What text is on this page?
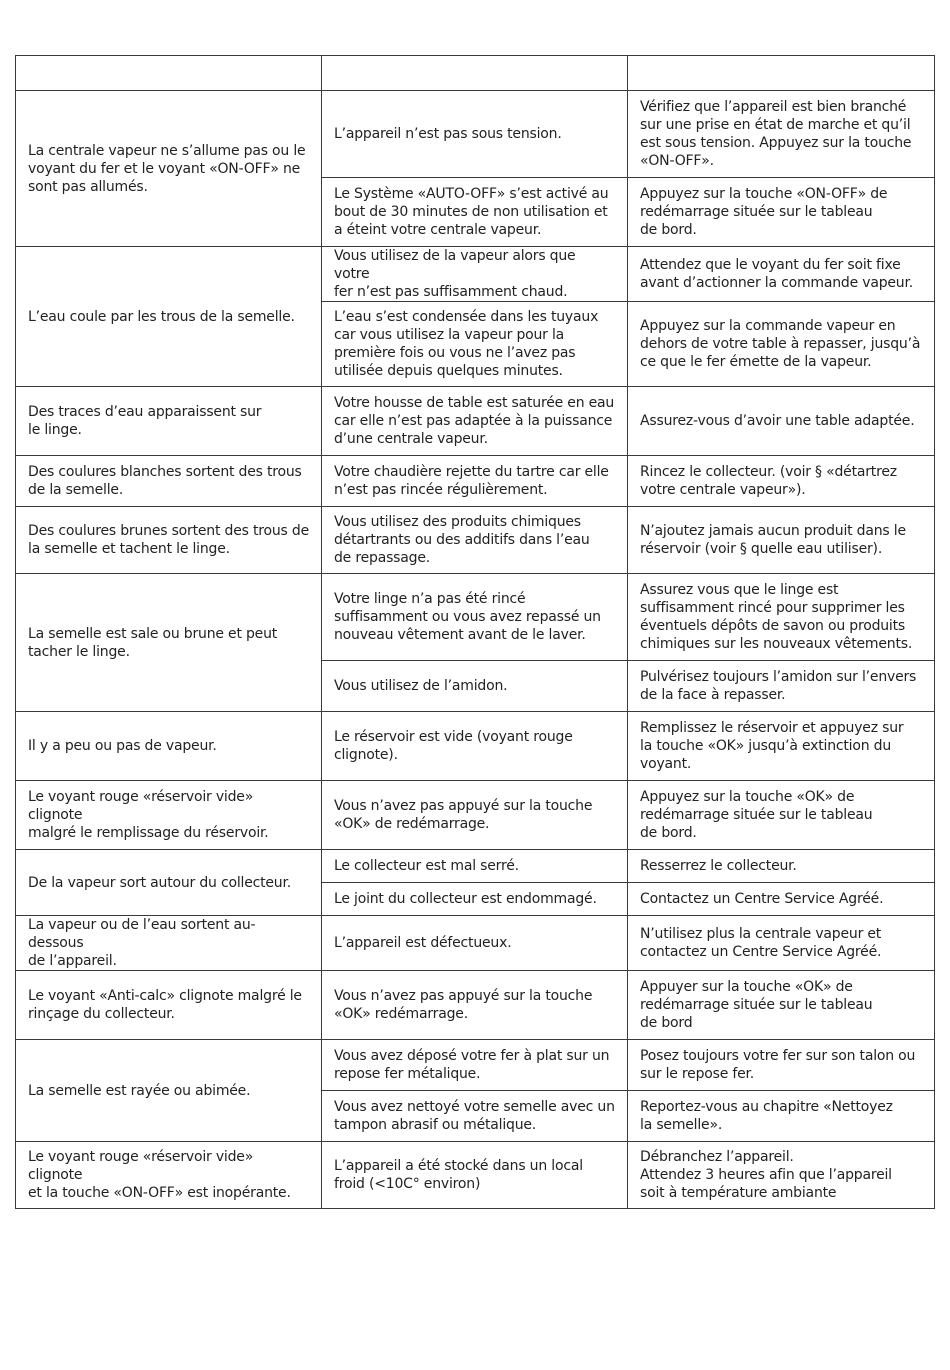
La centrale vapeur ne s’allume pas ou le
voyant du fer et le voyant «ON-OFF» ne
sont pas allumés.	L’appareil n’est pas sous tension.	Vérifiez que l’appareil est bien branché
sur une prise en état de marche et qu’il
est sous tension. Appuyez sur la touche
«ON-OFF».

	Le Système «AUTO-OFF» s’est activé au
bout de 30 minutes de non utilisation et
a éteint votre centrale vapeur.	Appuyez sur la touche «ON-OFF» de
redémarrage située sur le tableau
de bord.

L’eau coule par les trous de la semelle.	Vous utilisez de la vapeur alors que votre
fer n’est pas suffisamment chaud.	Attendez que le voyant du fer soit fixe
avant d’actionner la commande vapeur.

	L’eau s’est condensée dans les tuyaux
car vous utilisez la vapeur pour la
première fois ou vous ne l’avez pas
utilisée depuis quelques minutes.	Appuyez sur la commande vapeur en
dehors de votre table à repasser, jusqu’à
ce que le fer émette de la vapeur.

Des traces d’eau apparaissent sur
le linge.	Votre housse de table est saturée en eau
car elle n’est pas adaptée à la puissance
d’une centrale vapeur.	Assurez-vous d’avoir une table adaptée.

Des coulures blanches sortent des trous
de la semelle.	Votre chaudière rejette du tartre car elle
n’est pas rincée régulièrement.	Rincez le collecteur. (voir § «détartrez
votre centrale vapeur»).

Des coulures brunes sortent des trous de
la semelle et tachent le linge.	Vous utilisez des produits chimiques
détartrants ou des additifs dans l’eau
de repassage.	N’ajoutez jamais aucun produit dans le
réservoir (voir § quelle eau utiliser).

La semelle est sale ou brune et peut
tacher le linge.	Votre linge n’a pas été rincé
suffisamment ou vous avez repassé un
nouveau vêtement avant de le laver.	Assurez vous que le linge est
suffisamment rincé pour supprimer les
éventuels dépôts de savon ou produits
chimiques sur les nouveaux vêtements.

	Vous utilisez de l’amidon.	Pulvérisez toujours l’amidon sur l’envers
de la face à repasser.

Il y a peu ou pas de vapeur.	Le réservoir est vide (voyant rouge
clignote).	Remplissez le réservoir et appuyez sur
la touche «OK» jusqu’à extinction du
voyant.

Le voyant rouge «réservoir vide» clignote
malgré le remplissage du réservoir.	Vous n’avez pas appuyé sur la touche
«OK» de redémarrage.	Appuyez sur la touche «OK» de
redémarrage située sur le tableau
de bord.

De la vapeur sort autour du collecteur.	Le collecteur est mal serré.	Resserrez le collecteur.

	Le joint du collecteur est endommagé.	Contactez un Centre Service Agréé.

La vapeur ou de l’eau sortent au-dessous
de l’appareil.	L’appareil est défectueux.	N’utilisez plus la centrale vapeur et
contactez un Centre Service Agréé.

Le voyant «Anti-calc» clignote malgré le
rinçage du collecteur.	Vous n’avez pas appuyé sur la touche
«OK» redémarrage.	Appuyer sur la touche «OK» de
redémarrage située sur le tableau
de bord

La semelle est rayée ou abimée.	Vous avez déposé votre fer à plat sur un
repose fer métalique.	Posez toujours votre fer sur son talon ou
sur le repose fer.

	Vous avez nettoyé votre semelle avec un
tampon abrasif ou métalique.	Reportez-vous au chapitre «Nettoyez
la semelle».

Le voyant rouge «réservoir vide» clignote
et la touche «ON-OFF» est inopérante.	L’appareil a été stocké dans un local
froid (<10C° environ)	Débranchez l’appareil.
Attendez 3 heures afin que l’appareil
soit à température ambiante
